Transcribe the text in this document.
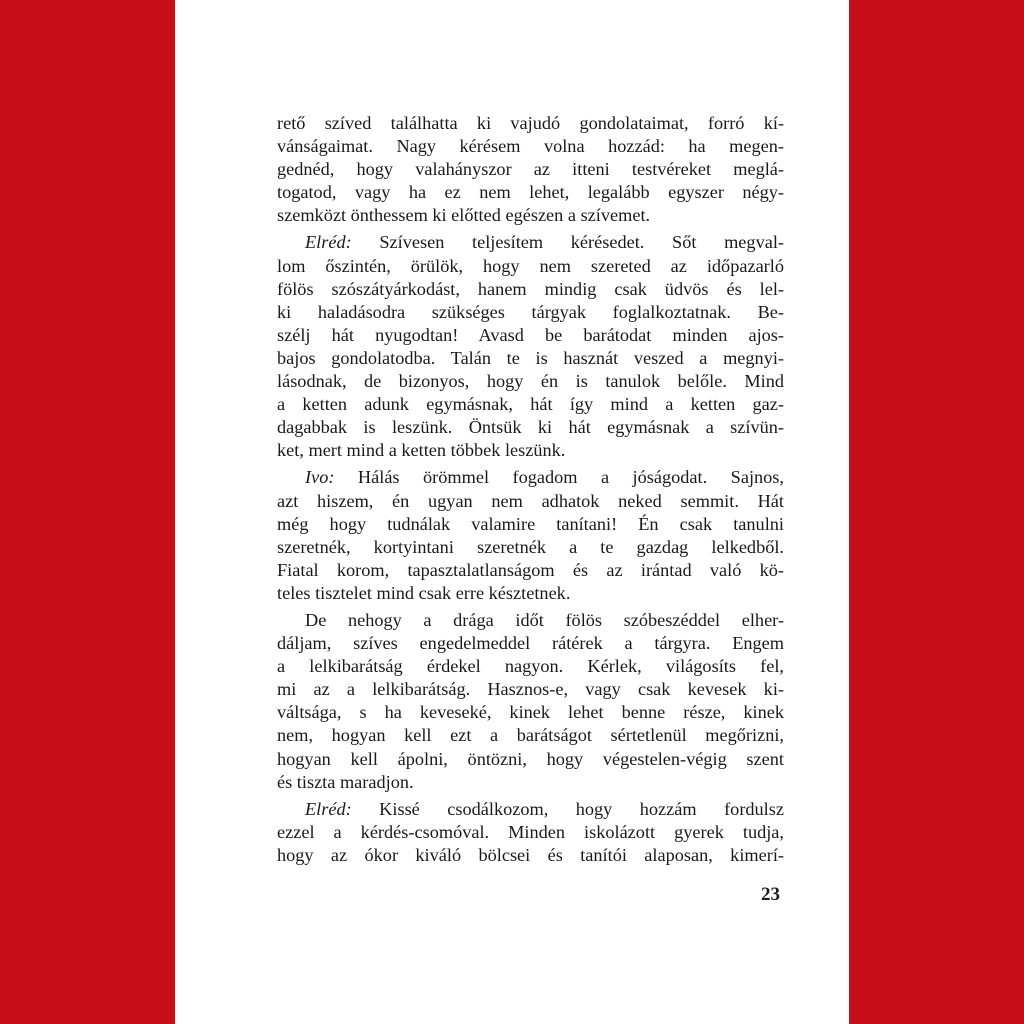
rető szíved találhatta ki vajudó gondolataimat, forró kí-
vánságaimat. Nagy kérésem volna hozzád: ha megen-
gednéd, hogy valahányszor az itteni testvéreket meglá-
togatod, vagy ha ez nem lehet, legalább egyszer négy-
szemközt önthessem ki előtted egészen a szívemet.
Elréd: Szívesen teljesítem kérésedet. Sőt megval-
lom őszintén, örülök, hogy nem szereted az időpazarló
fölös szószátyárkodást, hanem mindig csak üdvös és lel-
ki haladásodra szükséges tárgyak foglalkoztatnak. Be-
szélj hát nyugodtan! Avasd be barátodat minden ajos-
bajos gondolatodba. Talán te is hasznát veszed a megnyi-
lásodnak, de bizonyos, hogy én is tanulok belőle. Mind
a ketten adunk egymásnak, hát így mind a ketten gaz-
dagabbak is leszünk. Öntsük ki hát egymásnak a szívün-
ket, mert mind a ketten többek leszünk.
Ivo: Hálás örömmel fogadom a jóságodat. Sajnos,
azt hiszem, én ugyan nem adhatok neked semmit. Hát
még hogy tudnálak valamire tanítani! Én csak tanulni
szeretnék, kortyintani szeretnék a te gazdag lelkedből.
Fiatal korom, tapasztalatlanságom és az irántad való kö-
teles tisztelet mind csak erre késztetnek.
De nehogy a drága időt fölös szóbeszéddel elher-
dáljam, szíves engedelmeddel rátérek a tárgyra. Engem
a lelkibarátság érdekel nagyon. Kérlek, világosíts fel,
mi az a lelkibarátság. Hasznos-e, vagy csak kevesek ki-
váltsága, s ha keveseké, kinek lehet benne része, kinek
nem, hogyan kell ezt a barátságot sértetlenül megőrizni,
hogyan kell ápolni, öntözni, hogy végestelen-végig szent
és tiszta maradjon.
Elréd: Kissé csodálkozom, hogy hozzám fordulsz
ezzel a kérdés-csomóval. Minden iskolázott gyerek tudja,
hogy az ókor kiváló bölcsei és tanítói alaposan, kimerí-
23
